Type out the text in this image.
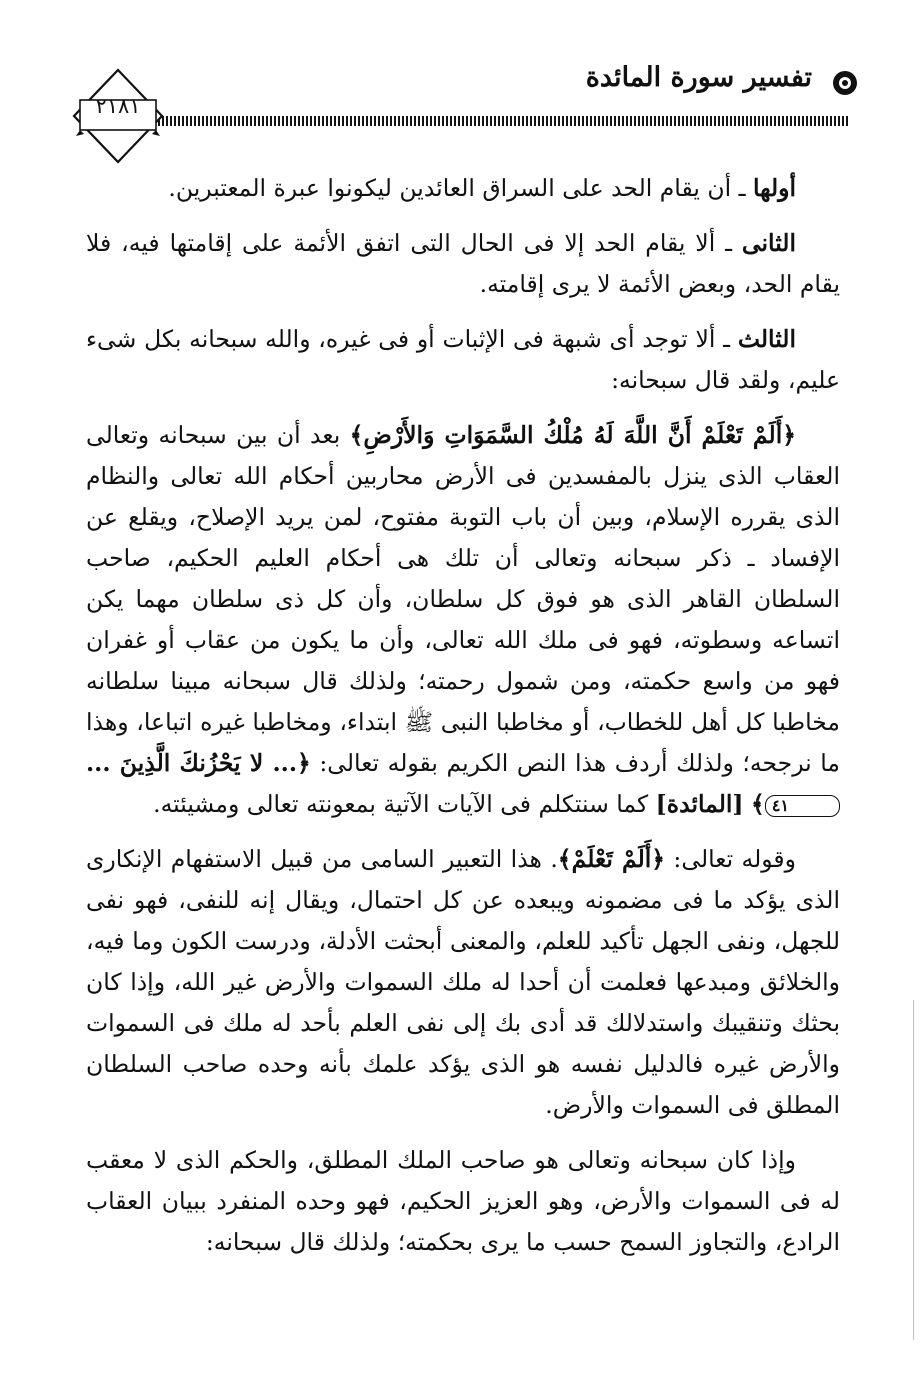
تفسير سورة المائدة
٢١٨١

أولها ـ أن يقام الحد على السراق العائدين ليكونوا عبرة المعتبرين.

الثانى ـ ألا يقام الحد إلا فى الحال التى اتفق الأئمة على إقامتها فيه، فلا يقام الحد، وبعض الأئمة لا يرى إقامته.

الثالث ـ ألا توجد أى شبهة فى الإثبات أو فى غيره، والله سبحانه بكل شىء عليم، ولقد قال سبحانه:

﴿أَلَمْ تَعْلَمْ أَنَّ اللَّهَ لَهُ مُلْكُ السَّمَوَاتِ وَالأَرْضِ﴾ بعد أن بين سبحانه وتعالى العقاب الذى ينزل بالمفسدين فى الأرض محاربين أحكام الله تعالى والنظام الذى يقرره الإسلام، وبين أن باب التوبة مفتوح، لمن يريد الإصلاح، ويقلع عن الإفساد ـ ذكر سبحانه وتعالى أن تلك هى أحكام العليم الحكيم، صاحب السلطان القاهر الذى هو فوق كل سلطان، وأن كل ذى سلطان مهما يكن اتساعه وسطوته، فهو فى ملك الله تعالى، وأن ما يكون من عقاب أو غفران فهو من واسع حكمته، ومن شمول رحمته؛ ولذلك قال سبحانه مبينا سلطانه مخاطبا كل أهل للخطاب، أو مخاطبا النبى ﷺ ابتداء، ومخاطبا غيره اتباعا، وهذا ما نرجحه؛ ولذلك أردف هذا النص الكريم بقوله تعالى: ﴿... لا يَحْزُنكَ الَّذِينَ ... ٤١﴾ [المائدة] كما سنتكلم فى الآيات الآتية بمعونته تعالى ومشيئته.

وقوله تعالى: ﴿أَلَمْ تَعْلَمْ﴾. هذا التعبير السامى من قبيل الاستفهام الإنكارى الذى يؤكد ما فى مضمونه ويبعده عن كل احتمال، ويقال إنه للنفى، فهو نفى للجهل، ونفى الجهل تأكيد للعلم، والمعنى أبحثت الأدلة، ودرست الكون وما فيه، والخلائق ومبدعها فعلمت أن أحدا له ملك السموات والأرض غير الله، وإذا كان بحثك وتنقيبك واستدلالك قد أدى بك إلى نفى العلم بأحد له ملك فى السموات والأرض غيره فالدليل نفسه هو الذى يؤكد علمك بأنه وحده صاحب السلطان المطلق فى السموات والأرض.

وإذا كان سبحانه وتعالى هو صاحب الملك المطلق، والحكم الذى لا معقب له فى السموات والأرض، وهو العزيز الحكيم، فهو وحده المنفرد ببيان العقاب الرادع، والتجاوز السمح حسب ما يرى بحكمته؛ ولذلك قال سبحانه:
